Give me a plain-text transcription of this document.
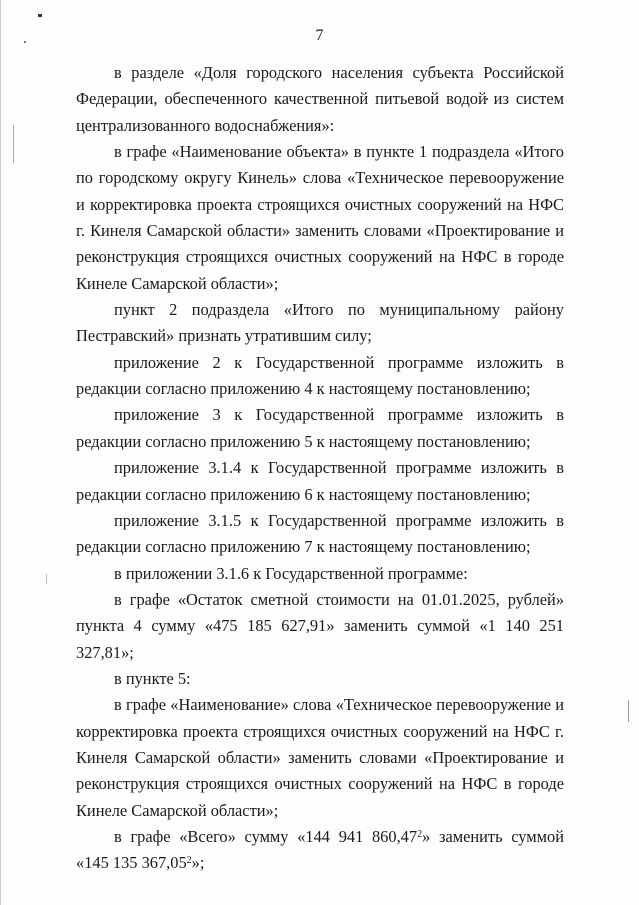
7

в разделе «Доля городского населения субъекта Российской Федерации, обеспеченного качественной питьевой водой из систем централизованного водоснабжения»:

в графе «Наименование объекта» в пункте 1 подраздела «Итого по городскому округу Кинель» слова «Техническое перевооружение и корректировка проекта строящихся очистных сооружений на НФС г. Кинеля Самарской области» заменить словами «Проектирование и реконструкция строящихся очистных сооружений на НФС в городе Кинеле Самарской области»;

пункт 2 подраздела «Итого по муниципальному району Пестравский» признать утратившим силу;

приложение 2 к Государственной программе изложить в редакции согласно приложению 4 к настоящему постановлению;

приложение 3 к Государственной программе изложить в редакции согласно приложению 5 к настоящему постановлению;

приложение 3.1.4 к Государственной программе изложить в редакции согласно приложению 6 к настоящему постановлению;

приложение 3.1.5 к Государственной программе изложить в редакции согласно приложению 7 к настоящему постановлению;

в приложении 3.1.6 к Государственной программе:

в графе «Остаток сметной стоимости на 01.01.2025, рублей» пункта 4 сумму «475 185 627,91» заменить суммой «1 140 251 327,81»;

в пункте 5:

в графе «Наименование» слова «Техническое перевооружение и корректировка проекта строящихся очистных сооружений на НФС г. Кинеля Самарской области» заменить словами «Проектирование и реконструкция строящихся очистных сооружений на НФС в городе Кинеле Самарской области»;

в графе «Всего» сумму «144 941 860,47$^2$» заменить суммой «145 135 367,05$^2$»;
